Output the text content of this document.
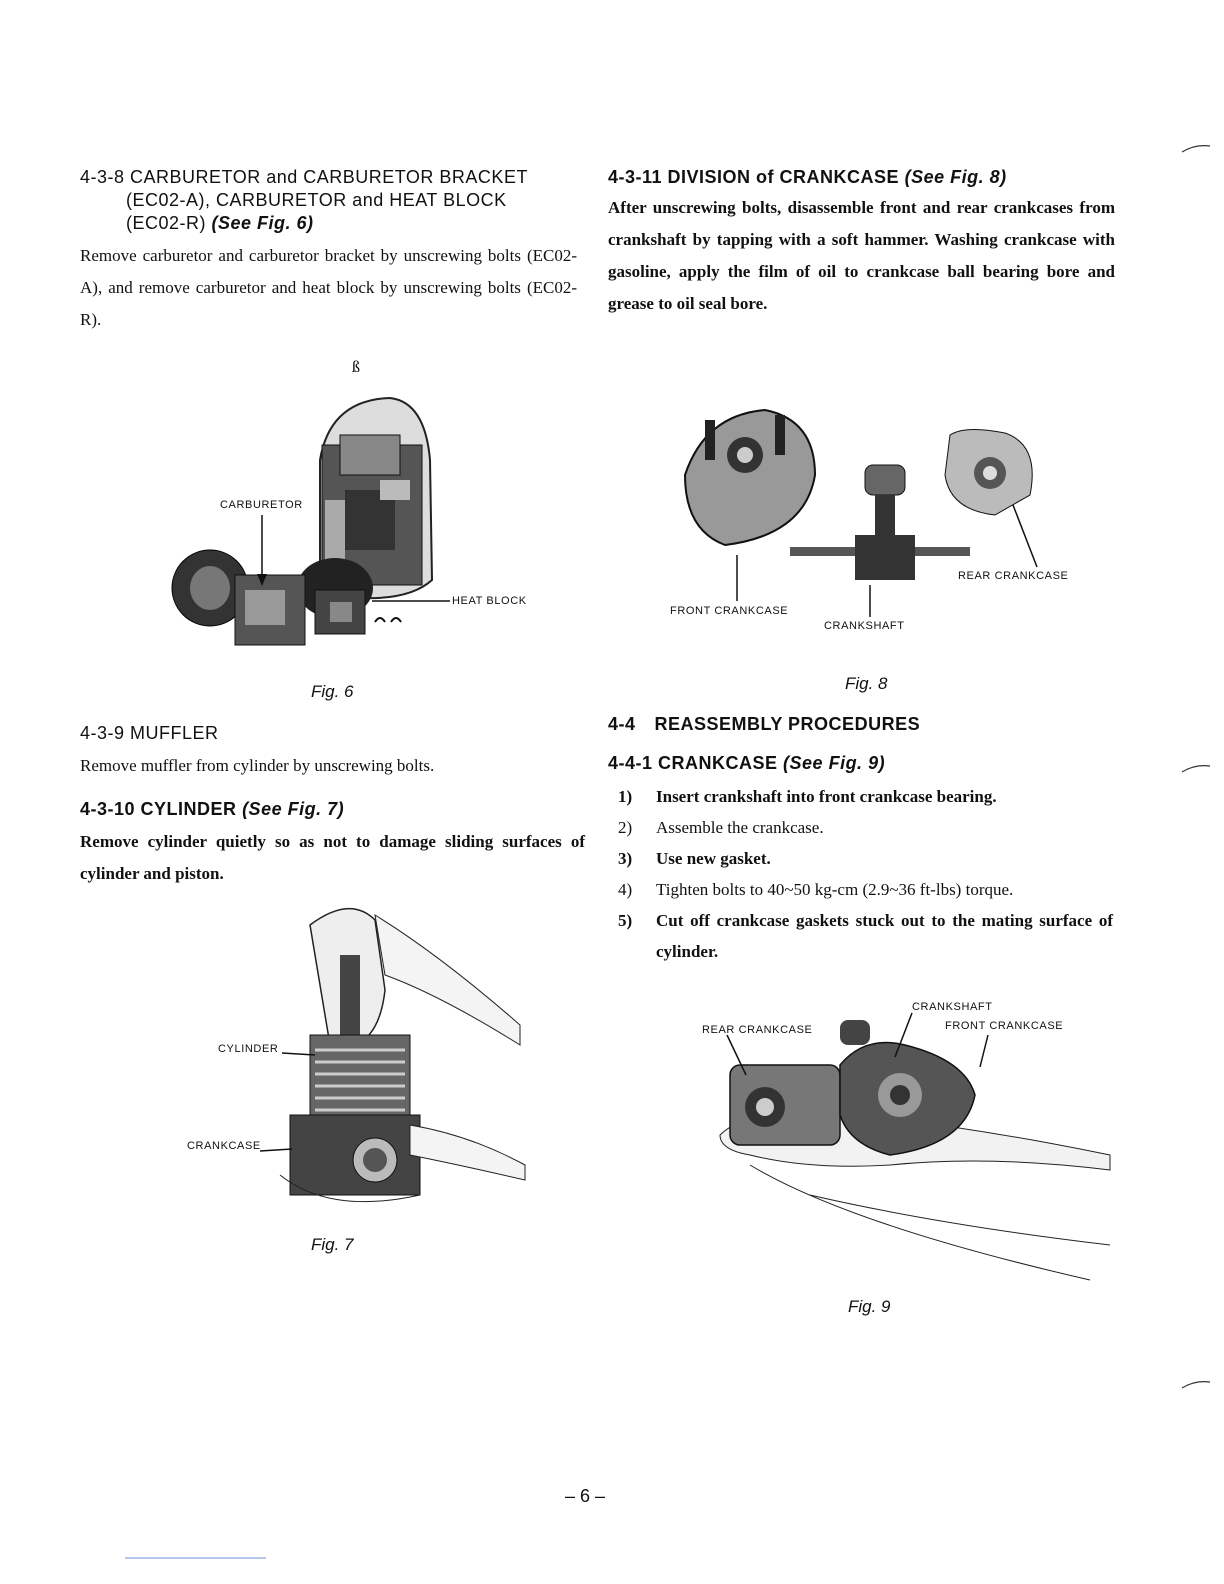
4-3-8 CARBURETOR and CARBURETOR BRACKET
(EC02-A), CARBURETOR and HEAT BLOCK
(EC02-R) (See Fig. 6)
Remove carburetor and carburetor bracket by unscrewing bolts (EC02-A), and remove carburetor and heat block by unscrewing bolts (EC02-R).
ß
CARBURETOR
HEAT BLOCK
Fig. 6
4-3-9 MUFFLER
Remove muffler from cylinder by unscrewing bolts.
4-3-10 CYLINDER (See Fig. 7)
Remove cylinder quietly so as not to damage sliding surfaces of cylinder and piston.
CYLINDER
CRANKCASE
Fig. 7
4-3-11 DIVISION of CRANKCASE (See Fig. 8)
After unscrewing bolts, disassemble front and rear crankcases from crankshaft by tapping with a soft hammer. Washing crankcase with gasoline, apply the film of oil to crankcase ball bearing bore and grease to oil seal bore.
FRONT CRANKCASE
CRANKSHAFT
REAR CRANKCASE
Fig. 8
4-4 REASSEMBLY PROCEDURES
4-4-1 CRANKCASE (See Fig. 9)
1) Insert crankshaft into front crankcase bearing.
2) Assemble the crankcase.
3) Use new gasket.
4) Tighten bolts to 40~50 kg-cm (2.9~36 ft-lbs) torque.
5)	Cut off crankcase gaskets stuck out to the mating surface of cylinder.
CRANKSHAFT
REAR CRANKCASE	FRONT CRANKCASE
Fig. 9
– 6 –
